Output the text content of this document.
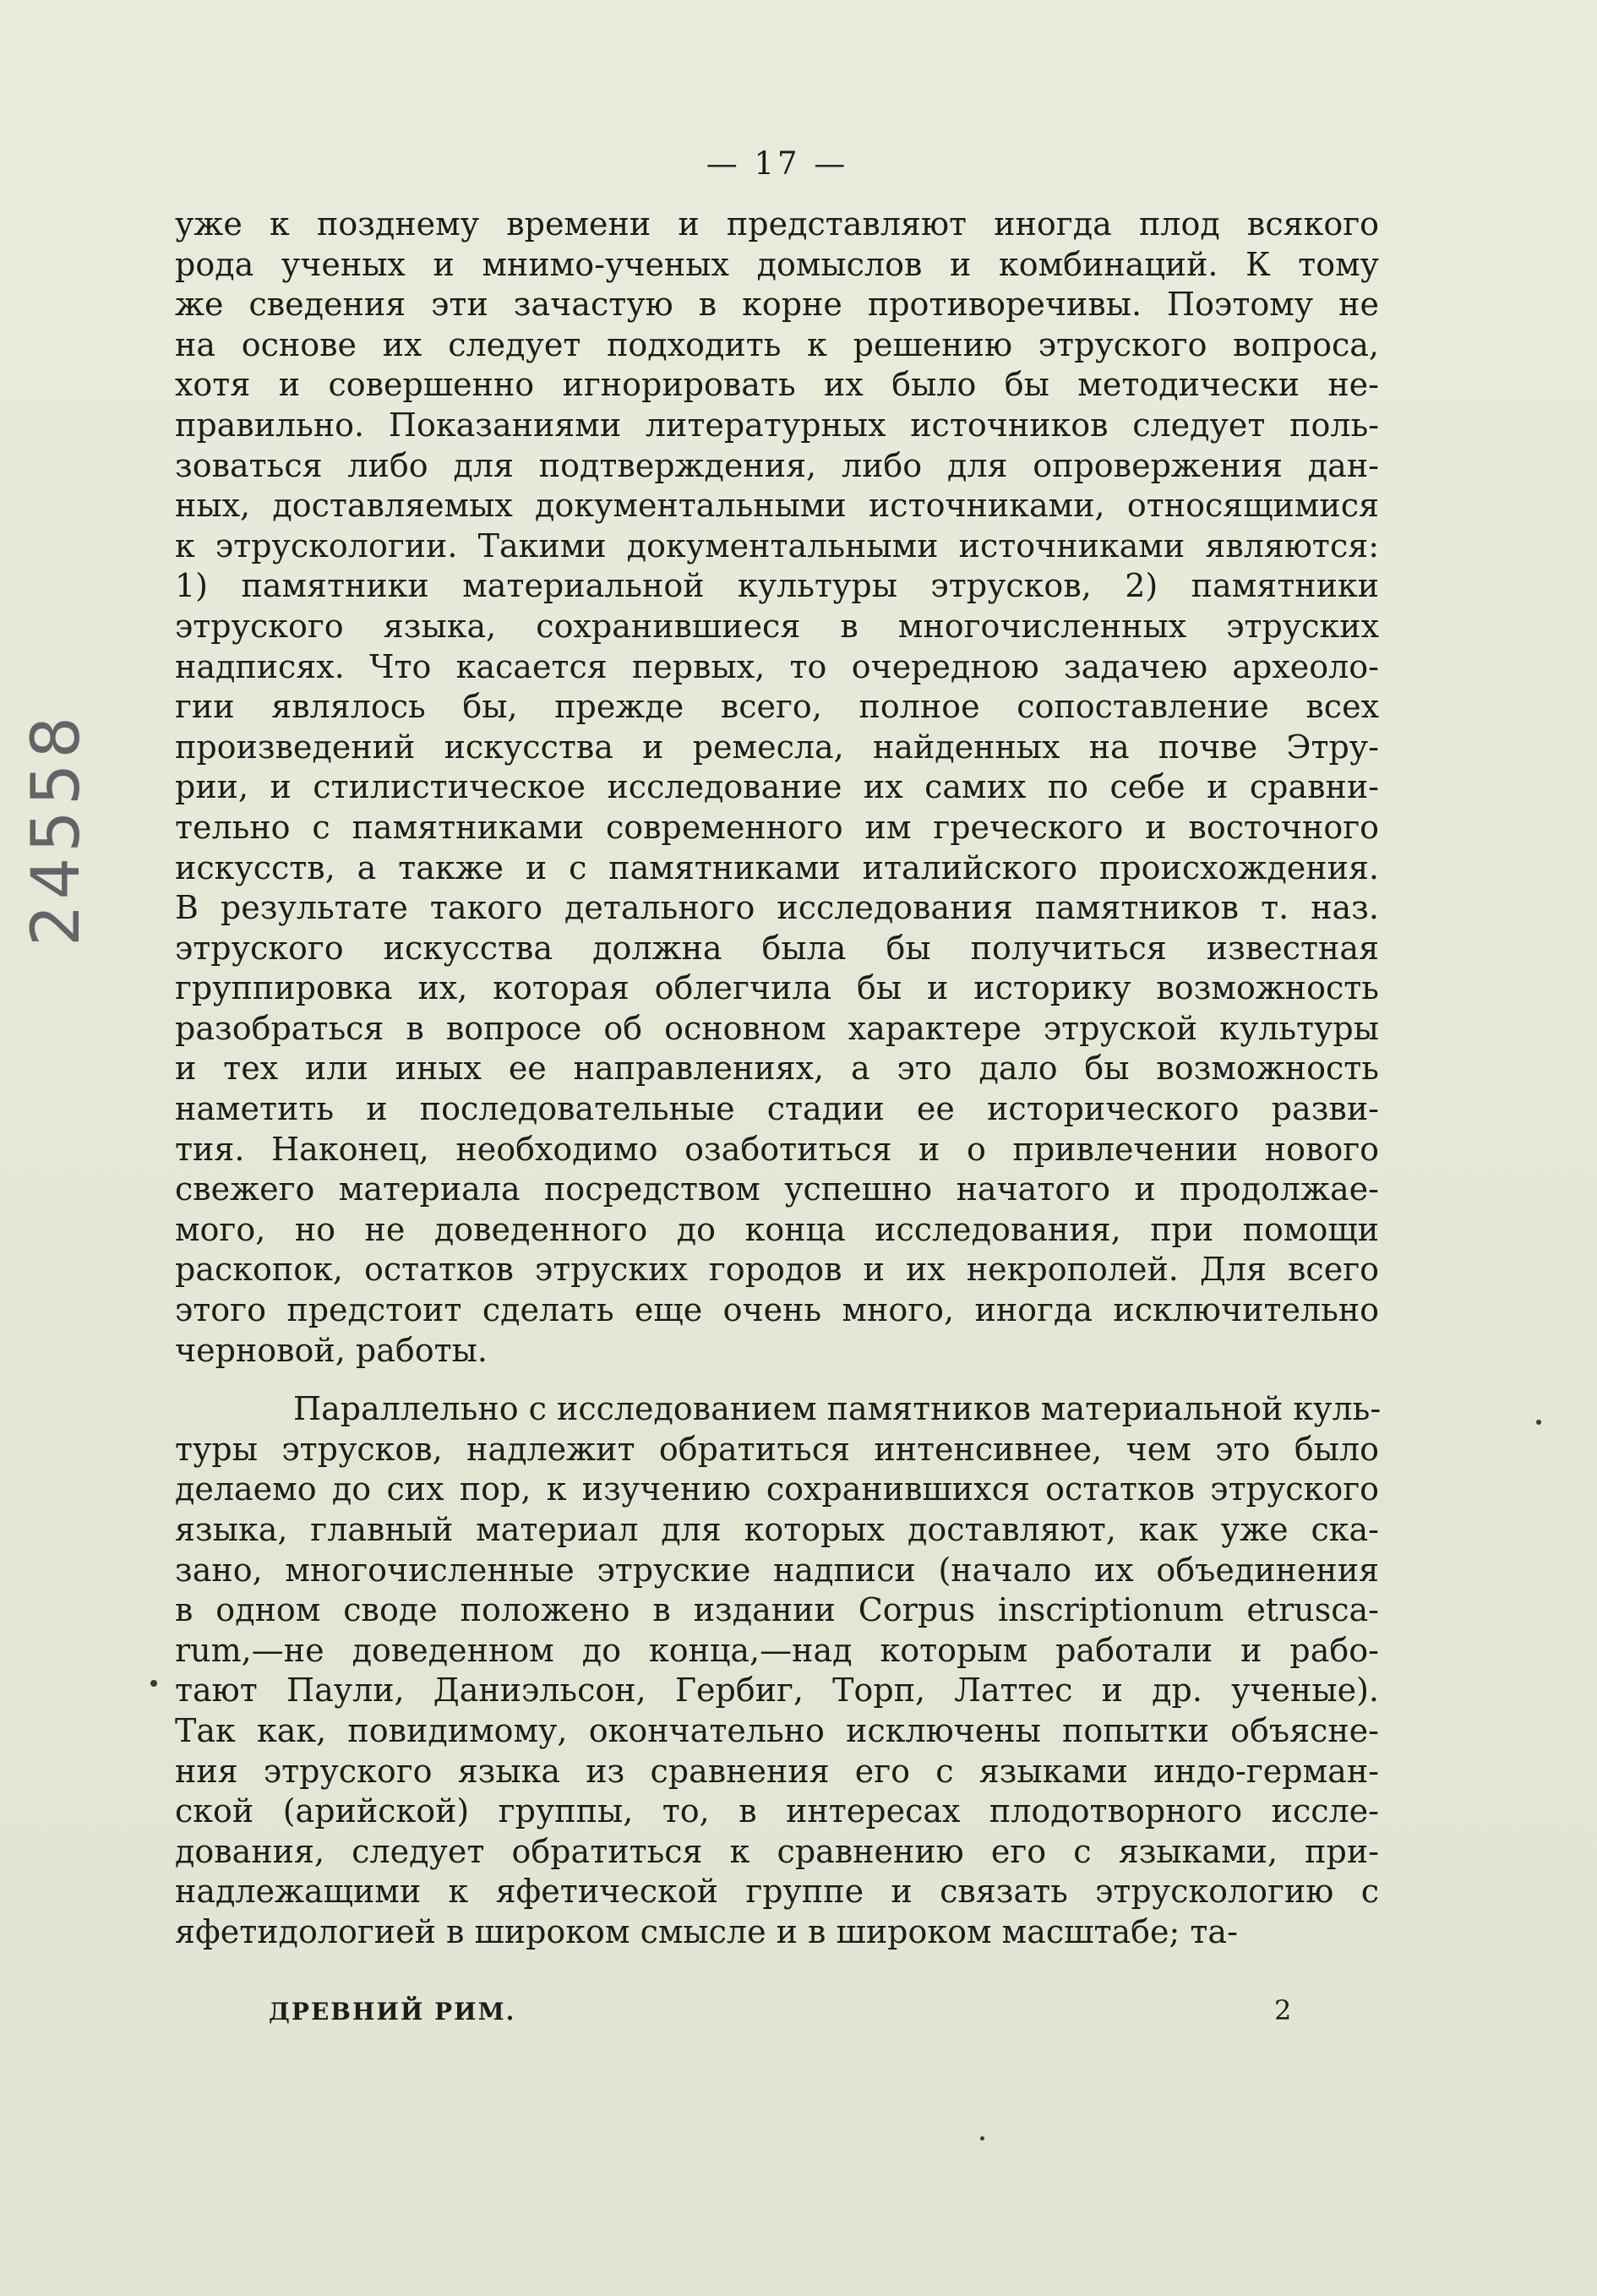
24558
— 17 —
уже к позднему времени и представляют иногда плод всякого
рода ученых и мнимо-ученых домыслов и комбинаций. К тому
же сведения эти зачастую в корне противоречивы. Поэтому не
на основе их следует подходить к решению этруского вопроса,
хотя и совершенно игнорировать их было бы методически не-
правильно. Показаниями литературных источников следует поль-
зоваться либо для подтверждения, либо для опровержения дан-
ных, доставляемых документальными источниками, относящимися
к этрускологии. Такими документальными источниками являются:
1) памятники материальной культуры этрусков, 2) памятники
этруского языка, сохранившиеся в многочисленных этруских
надписях. Что касается первых, то очередною задачею археоло-
гии являлось бы, прежде всего, полное сопоставление всех
произведений искусства и ремесла, найденных на почве Этру-
рии, и стилистическое исследование их самих по себе и сравни-
тельно с памятниками современного им греческого и восточного
искусств, а также и с памятниками италийского происхождения.
В результате такого детального исследования памятников т. наз.
этруского искусства должна была бы получиться известная
группировка их, которая облегчила бы и историку возможность
разобраться в вопросе об основном характере этруской культуры
и тех или иных ее направлениях, а это дало бы возможность
наметить и последовательные стадии ее исторического разви-
тия. Наконец, необходимо озаботиться и о привлечении нового
свежего материала посредством успешно начатого и продолжае-
мого, но не доведенного до конца исследования, при помощи
раскопок, остатков этруских городов и их некрополей. Для всего
этого предстоит сделать еще очень много, иногда исключительно
черновой, работы.
Параллельно с исследованием памятников материальной куль-
туры этрусков, надлежит обратиться интенсивнее, чем это было
делаемо до сих пор, к изучению сохранившихся остатков этруского
языка, главный материал для которых доставляют, как уже ска-
зано, многочисленные этруские надписи (начало их объединения
в одном своде положено в издании Corpus inscriptionum etrusca-
rum,—не доведенном до конца,—над которым работали и рабо-
тают Паули, Даниэльсон, Гербиг, Торп, Латтес и др. ученые).
Так как, повидимому, окончательно исключены попытки объясне-
ния этруского языка из сравнения его с языками индо-герман-
ской (арийской) группы, то, в интересах плодотворного иссле-
дования, следует обратиться к сравнению его с языками, при-
надлежащими к яфетической группе и связать этрускологию с
яфетидологией в широком смысле и в широком масштабе; та-
ДРЕВНИЙ РИМ.	2
